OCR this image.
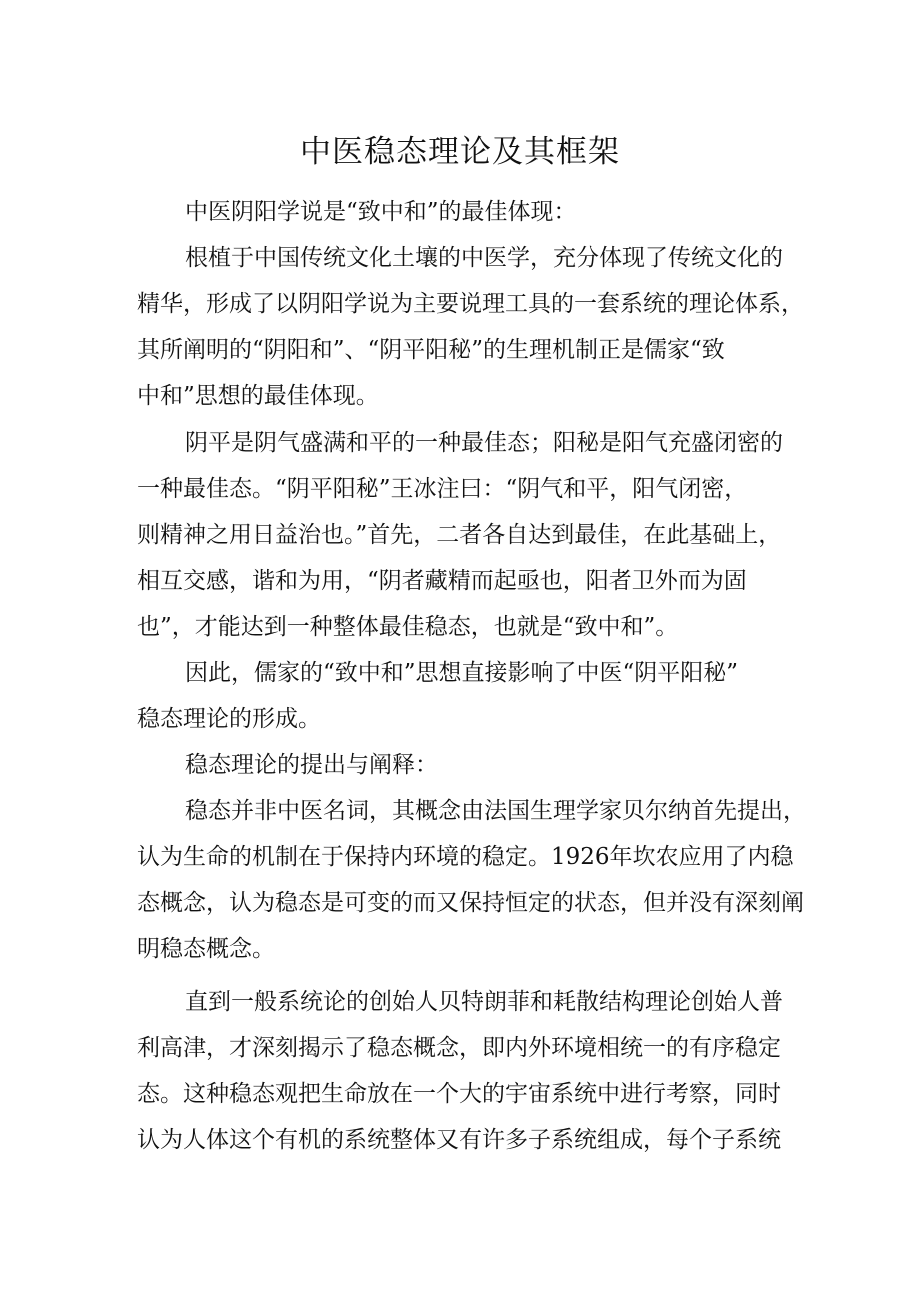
中医稳态理论及其框架

中医阴阳学说是“致中和”的最佳体现：

根植于中国传统文化土壤的中医学，充分体现了传统文化的

精华，形成了以阴阳学说为主要说理工具的一套系统的理论体系，

其所阐明的“阴阳和”、“阴平阳秘”的生理机制正是儒家“致

中和”思想的最佳体现。

阴平是阴气盛满和平的一种最佳态；阳秘是阳气充盛闭密的

一种最佳态。“阴平阳秘”王冰注曰：“阴气和平，阳气闭密，

则精神之用日益治也。”首先，二者各自达到最佳，在此基础上，

相互交感，谐和为用，“阴者藏精而起亟也，阳者卫外而为固

也”，才能达到一种整体最佳稳态，也就是“致中和”。

因此，儒家的“致中和”思想直接影响了中医“阴平阳秘”

稳态理论的形成。

稳态理论的提出与阐释：

稳态并非中医名词，其概念由法国生理学家贝尔纳首先提出，

认为生命的机制在于保持内环境的稳定。1926年坎农应用了内稳

态概念，认为稳态是可变的而又保持恒定的状态，但并没有深刻阐

明稳态概念。

直到一般系统论的创始人贝特朗菲和耗散结构理论创始人普

利高津，才深刻揭示了稳态概念，即内外环境相统一的有序稳定

态。这种稳态观把生命放在一个大的宇宙系统中进行考察，同时

认为人体这个有机的系统整体又有许多子系统组成，每个子系统
